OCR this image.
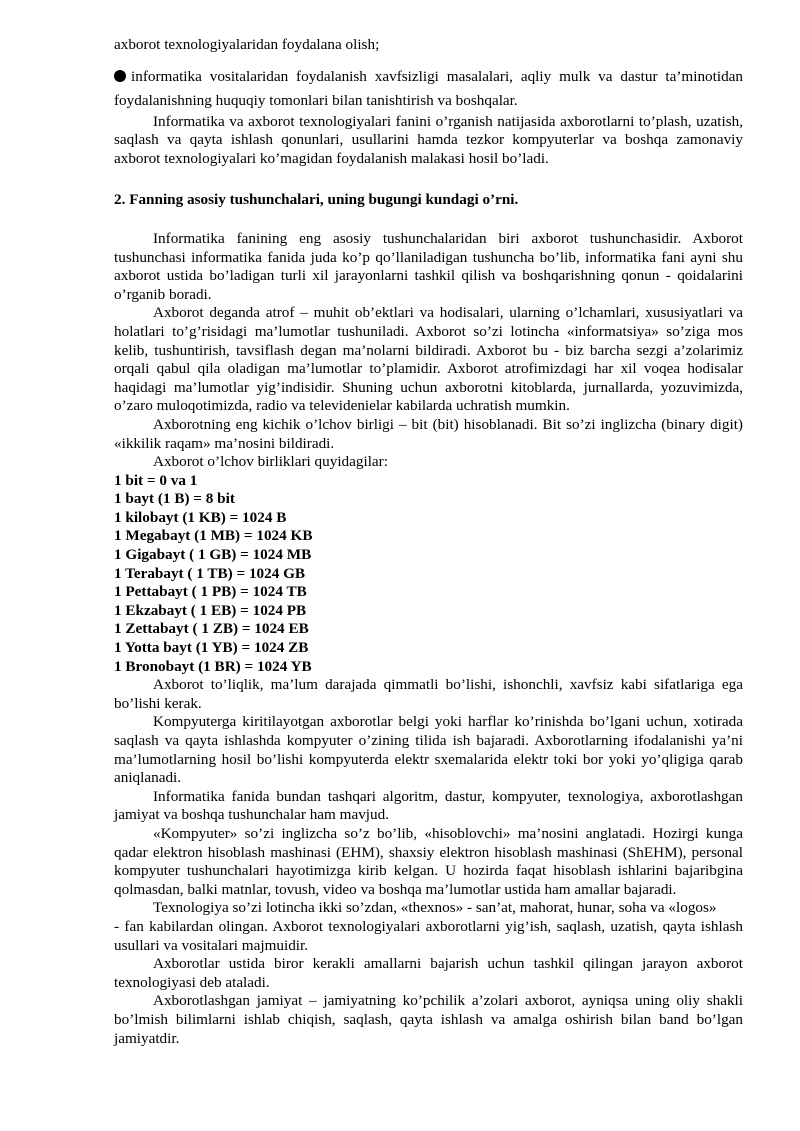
axborot texnologiyalaridan foydalana olish;

informatika vositalaridan foydalanish xavfsizligi masalalari, aqliy mulk va dastur ta’minotidan foydalanishning huquqiy tomonlari bilan tanishtirish va boshqalar.

Informatika va axborot texnologiyalari fanini o’rganish natijasida axborotlarni to’plash, uzatish, saqlash va qayta ishlash qonunlari, usullarini hamda tezkor kompyuterlar va boshqa zamonaviy axborot texnologiyalari ko’magidan foydalanish malakasi hosil bo’ladi.

2. Fanning asosiy tushunchalari, uning bugungi kundagi o’rni.

Informatika fanining eng asosiy tushunchalaridan biri axborot tushunchasidir. Axborot tushunchasi informatika fanida juda ko’p qo’llaniladigan tushuncha bo’lib, informatika fani ayni shu axborot ustida bo’ladigan turli xil jarayonlarni tashkil qilish va boshqarishning qonun - qoidalarini o’rganib boradi.

Axborot deganda atrof – muhit ob’ektlari va hodisalari, ularning o’lchamlari, xususiyatlari va holatlari to’g’risidagi ma’lumotlar tushuniladi. Axborot so’zi lotincha «informatsiya» so’ziga mos kelib, tushuntirish, tavsiflash degan ma’nolarni bildiradi. Axborot bu - biz barcha sezgi a’zolarimiz orqali qabul qila oladigan ma’lumotlar to’plamidir. Axborot atrofimizdagi har xil voqea hodisalar haqidagi ma’lumotlar yig’indisidir. Shuning uchun axborotni kitoblarda, jurnallarda, yozuvimizda, o’zaro muloqotimizda, radio va televidenielar kabilarda uchratish mumkin.

Axborotning eng kichik o’lchov birligi – bit (bit) hisoblanadi. Bit so’zi inglizcha (binary digit) «ikkilik raqam» ma’nosini bildiradi.

Axborot o’lchov birliklari quyidagilar:

1 bit = 0 va 1
1 bayt (1 B) = 8 bit
1 kilobayt (1 KB) = 1024 B
1 Megabayt (1 MB) = 1024 KB
1 Gigabayt ( 1 GB) = 1024 MB
1 Terabayt ( 1 TB) = 1024 GB
1 Pettabayt ( 1 PB) = 1024 TB
1 Ekzabayt ( 1 EB) = 1024 PB
1 Zettabayt ( 1 ZB) = 1024 EB
1 Yotta bayt (1 YB) = 1024 ZB
1 Bronobayt (1 BR) = 1024 YB

Axborot to’liqlik, ma’lum darajada qimmatli bo’lishi, ishonchli, xavfsiz kabi sifatlariga ega bo’lishi kerak.

Kompyuterga kiritilayotgan axborotlar belgi yoki harflar ko’rinishda bo’lgani uchun, xotirada saqlash va qayta ishlashda kompyuter o’zining tilida ish bajaradi. Axborotlarning ifodalanishi ya’ni ma’lumotlarning hosil bo’lishi kompyuterda elektr sxemalarida elektr toki bor yoki yo’qligiga qarab aniqlanadi.

Informatika fanida bundan tashqari algoritm, dastur, kompyuter, texnologiya, axborotlashgan jamiyat va boshqa tushunchalar ham mavjud.

«Kompyuter» so’zi inglizcha so’z bo’lib, «hisoblovchi» ma’nosini anglatadi. Hozirgi kunga qadar elektron hisoblash mashinasi (EHM), shaxsiy elektron hisoblash mashinasi (ShEHM), personal kompyuter tushunchalari hayotimizga kirib kelgan. U hozirda faqat hisoblash ishlarini bajaribgina qolmasdan, balki matnlar, tovush, video va boshqa ma’lumotlar ustida ham amallar bajaradi.

Texnologiya so’zi lotincha ikki so’zdan, «thexnos» - san’at, mahorat, hunar, soha va «logos»

- fan kabilardan olingan. Axborot texnologiyalari axborotlarni yig’ish, saqlash, uzatish, qayta ishlash usullari va vositalari majmuidir.

Axborotlar ustida biror kerakli amallarni bajarish uchun tashkil qilingan jarayon axborot texnologiyasi deb ataladi.

Axborotlashgan jamiyat – jamiyatning ko’pchilik a’zolari axborot, ayniqsa uning oliy shakli bo’lmish bilimlarni ishlab chiqish, saqlash, qayta ishlash va amalga oshirish bilan band bo’lgan jamiyatdir.
